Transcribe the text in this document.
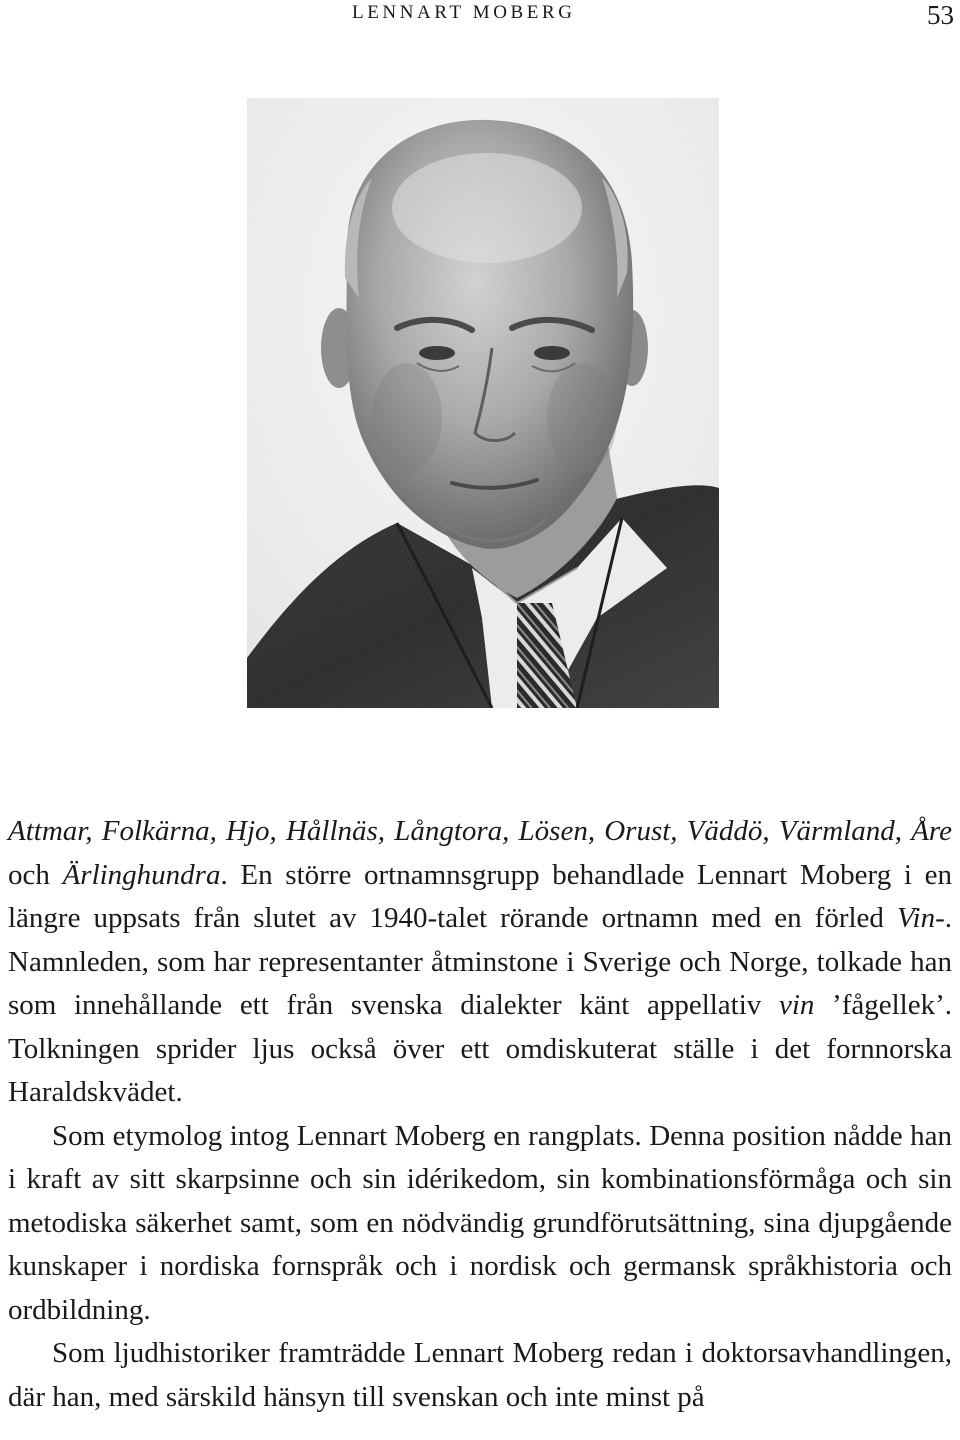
LENNART MOBERG	53

Attmar, Folkärna, Hjo, Hållnäs, Långtora, Lösen, Orust, Väddö, Värmland, Åre och Ärlinghundra. En större ortnamnsgrupp behandlade Lennart Moberg i en längre uppsats från slutet av 1940-talet rörande ortnamn med en förled Vin-. Namnleden, som har representanter åtminstone i Sverige och Norge, tolkade han som innehållande ett från svenska dialekter känt appellativ vin ’fågellek’. Tolkningen sprider ljus också över ett omdiskuterat ställe i det fornnorska Haraldskvädet.

Som etymolog intog Lennart Moberg en rangplats. Denna position nådde han i kraft av sitt skarpsinne och sin idérikedom, sin kombinationsförmåga och sin metodiska säkerhet samt, som en nödvändig grundförutsättning, sina djupgående kunskaper i nordiska fornspråk och i nordisk och germansk språkhistoria och ordbildning.

Som ljudhistoriker framträdde Lennart Moberg redan i doktorsavhandlingen, där han, med särskild hänsyn till svenskan och inte minst på
